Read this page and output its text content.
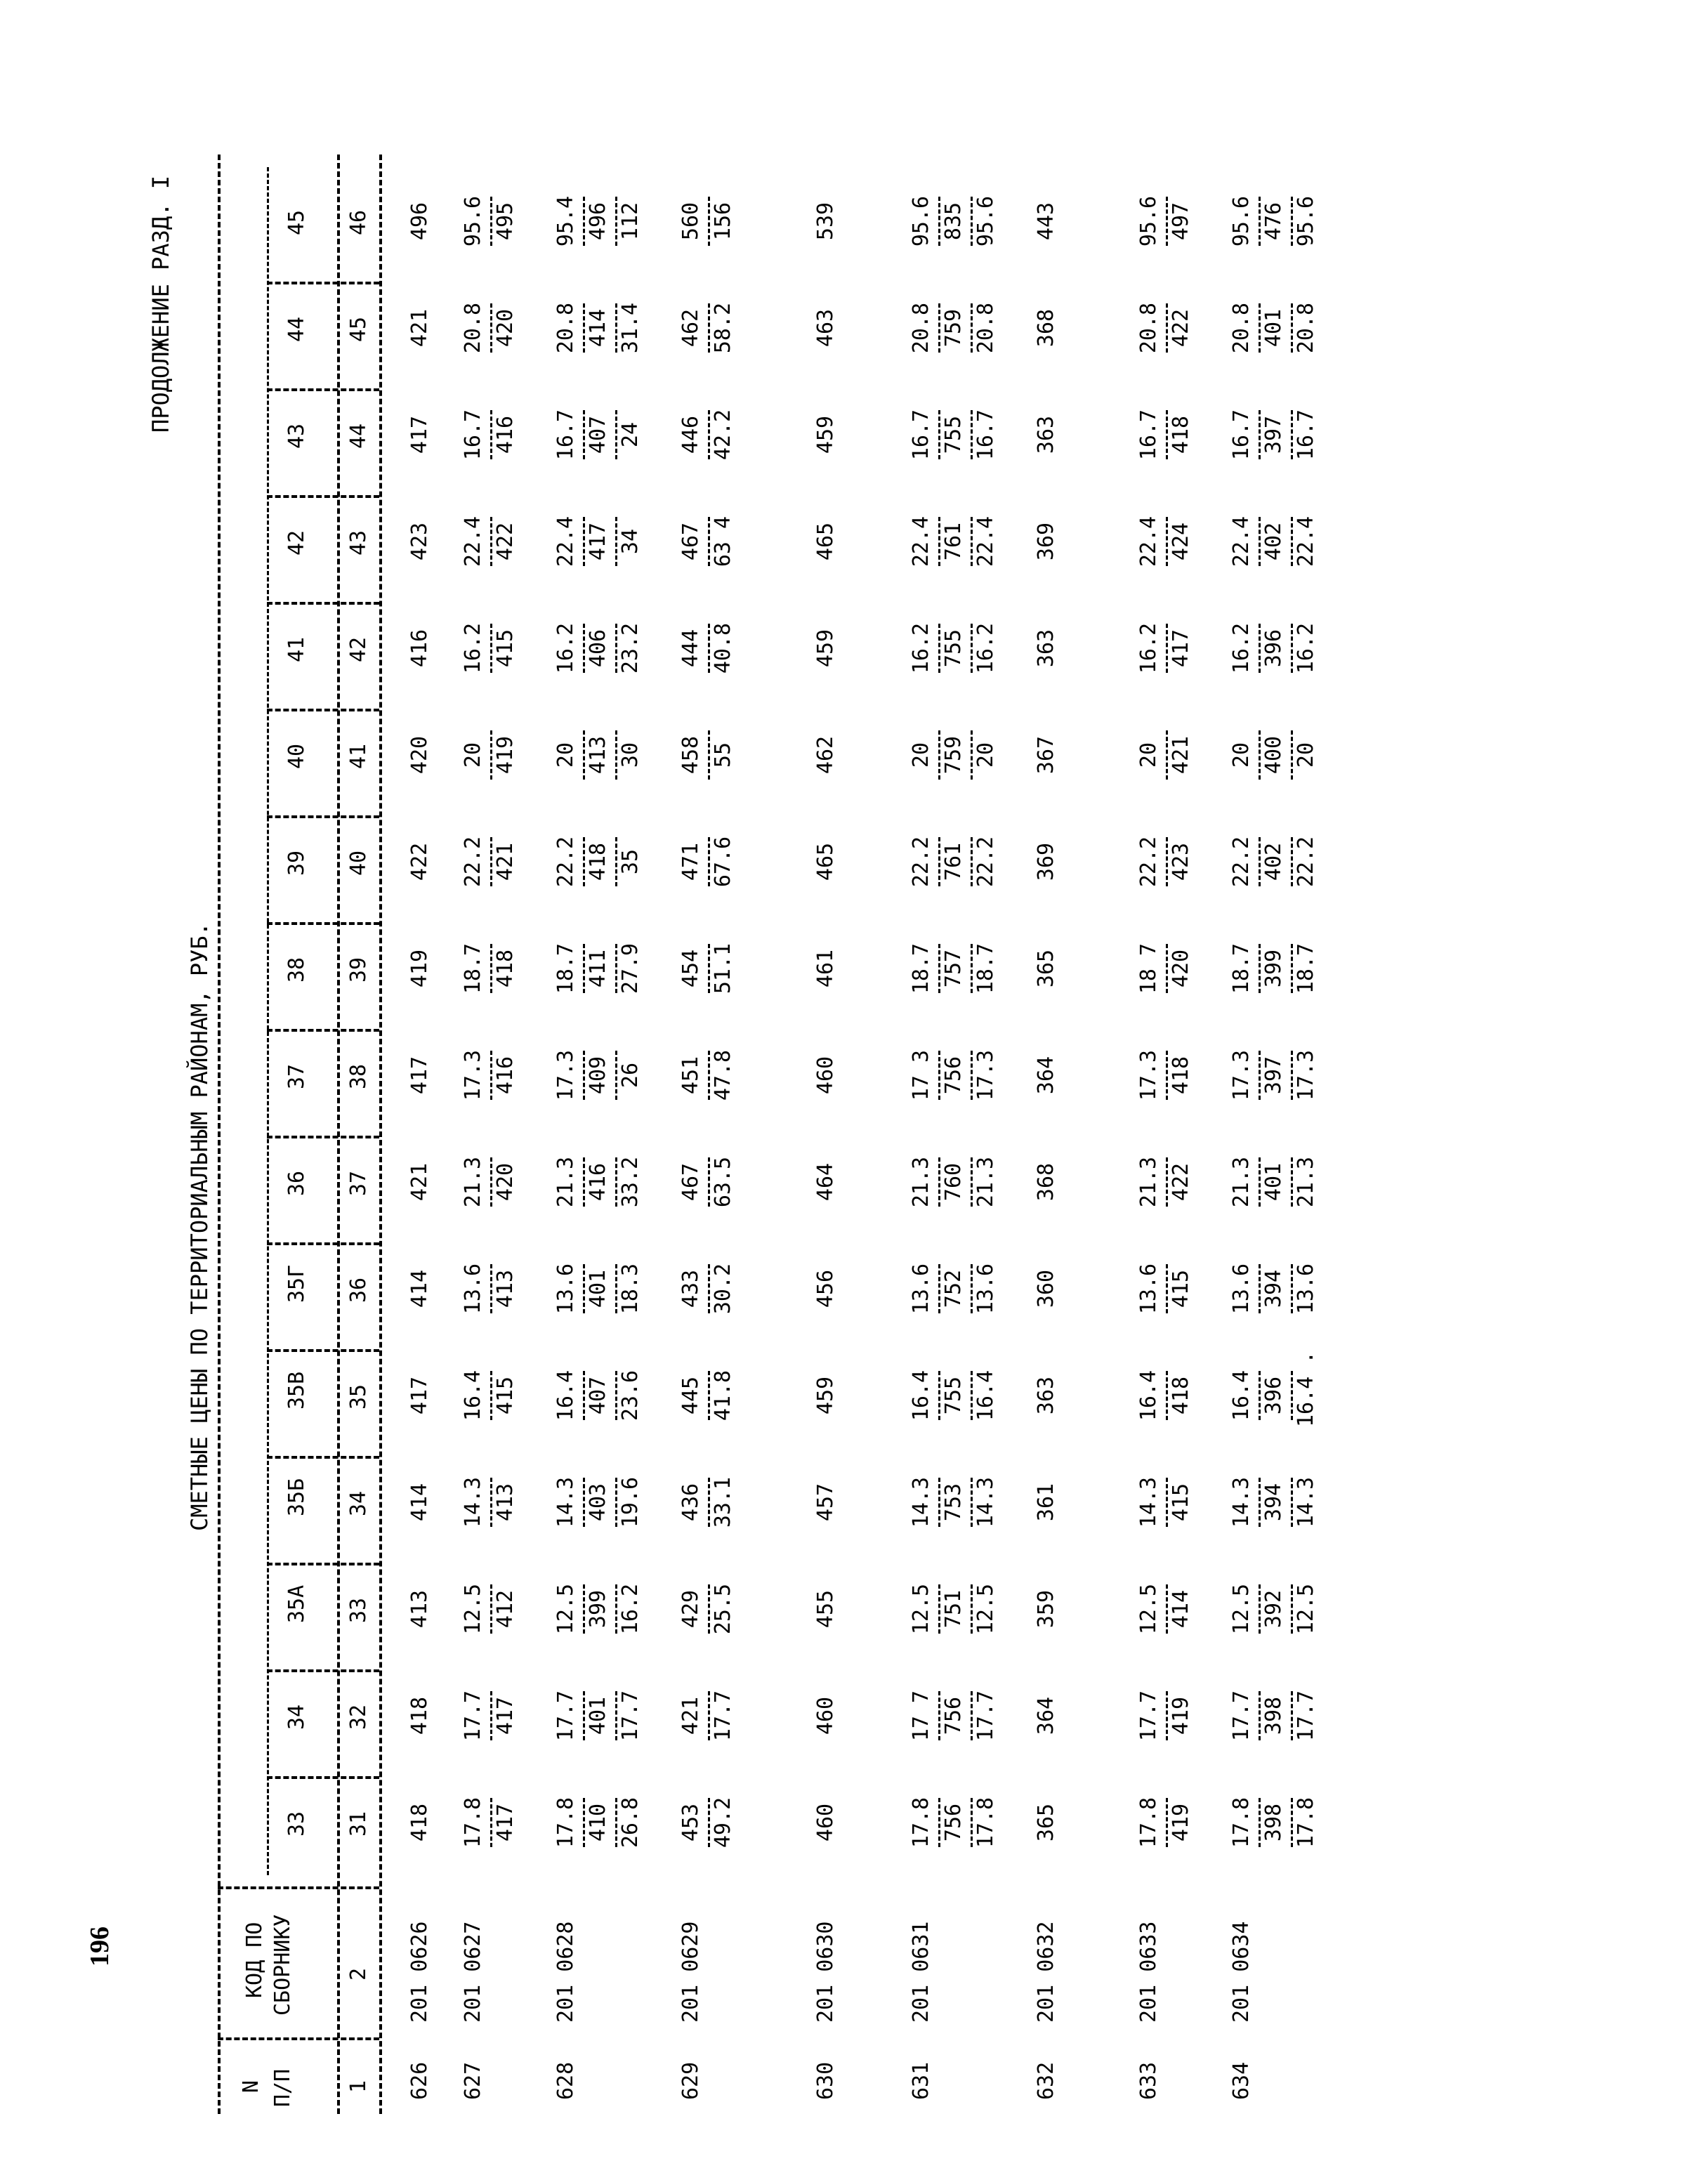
196
ПРОДОЛЖЕНИЕ РАЗД. I
СМЕТНЫЕ ЦЕНЫ ПО ТЕРРИТОРИАЛЬНЫМ РАЙОНАМ, РУБ.
N П/П
КОД ПО СБОРНИКУ
33
34
35А
35Б
35В
35Г
36
37
38
39
40
41
42
43
44
45
1
2
31
32
33
34
35
36
37
38
39
40
41
42
43
44
45
46
626
201 0626
418
418
413
414
417
414
421
417
419
422
420
416
423
417
421
496
627
201 0627
17.8
17.7
12.5
14.3
16.4
13.6
21.3
17.3
18.7
22.2
20
16.2
22.4
16.7
20.8
95.6
417
417
412
413
415
413
420
416
418
421
419
415
422
416
420
495
628
201 0628
17.8
17.7
12.5
14.3
16.4
13.6
21.3
17.3
18.7
22.2
20
16.2
22.4
16.7
20.8
95.4
410
401
399
403
407
401
416
409
411
418
413
406
417
407
414
496
26.8
17.7
16.2
19.6
23.6
18.3
33.2
26
27.9
35
30
23.2
34
24
31.4
112
629
201 0629
453
421
429
436
445
433
467
451
454
471
458
444
467
446
462
560
49.2
17.7
25.5
33.1
41.8
30.2
63.5
47.8
51.1
67.6
55
40.8
63 4
42.2
58.2
156
630
201 0630
460
460
455
457
459
456
464
460
461
465
462
459
465
459
463
539
631
201 0631
17.8
17 7
12.5
14.3
16.4
13.6
21.3
17 3
18.7
22.2
20
16.2
22.4
16.7
20.8
95.6
756
756
751
753
755
752
760
756
757
761
759
755
761
755
759
835
17.8
17.7
12.5
14.3
16.4
13.6
21.3
17.3
18.7
22.2
20
16.2
22.4
16.7
20.8
95.6
632
201 0632
365
364
359
361
363
360
368
364
365
369
367
363
369
363
368
443
633
201 0633
17.8
17.7
12.5
14.3
16.4
13.6
21.3
17.3
18 7
22.2
20
16.2
22.4
16.7
20.8
95.6
419
419
414
415
418
415
422
418
420
423
421
417
424
418
422
497
634
201 0634
17.8
17.7
12.5
14.3
16.4
13.6
21.3
17.3
18.7
22.2
20
16.2
22.4
16.7
20.8
95.6
398
398
392
394
396
394
401
397
399
402
400
396
402
397
401
476
17.8
17.7
12.5
14.3
16.4 .
13.6
21.3
17.3
18.7
22.2
20
16.2
22.4
16.7
20.8
95.6
